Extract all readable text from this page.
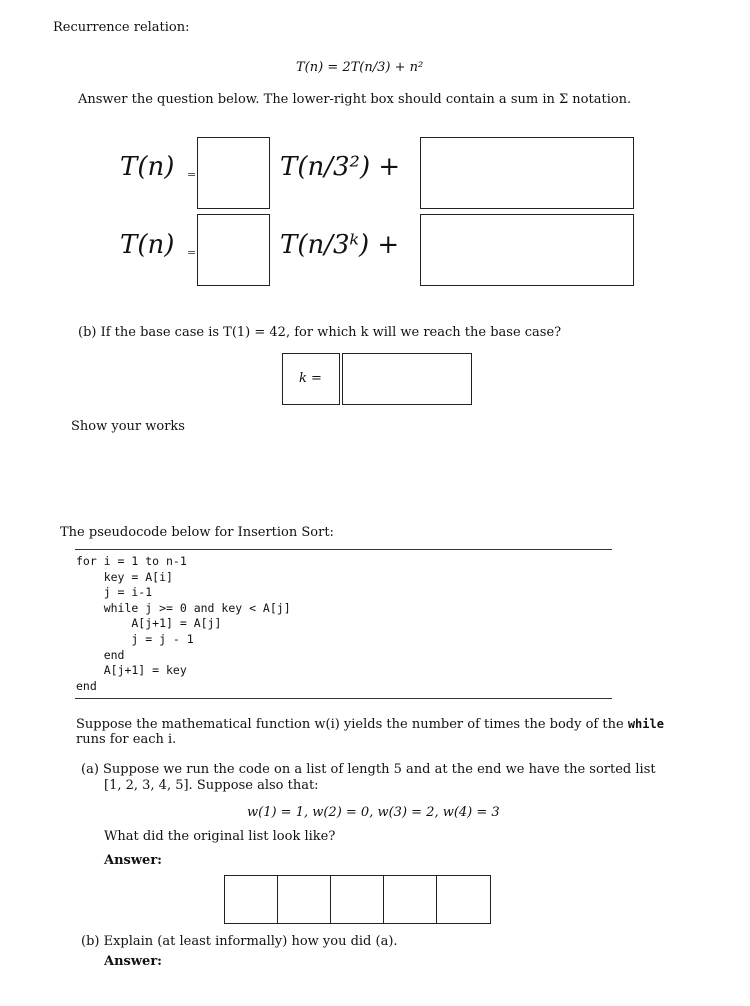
Recurrence relation:
T(n) = 2T(n/3) + n²
Answer the question below. The lower-right box should contain a sum in Σ notation.
T(n) =	T(n/3²) +
T(n) =	T(n/3ᵏ) +
(b) If the base case is T(1) = 42, for which k will we reach the base case?
k =
Show your works
The pseudocode below for Insertion Sort:
for i = 1 to n-1
key = A[i]
j = i-1
while j >= 0 and key < A[j]
A[j+1] = A[j]
j = j - 1
end
A[j+1] = key
end
Suppose the mathematical function w(i) yields the number of times the body of the while
runs for each i.
(a) Suppose we run the code on a list of length 5 and at the end we have the sorted list
[1, 2, 3, 4, 5]. Suppose also that:
w(1) = 1, w(2) = 0, w(3) = 2, w(4) = 3
What did the original list look like?
Answer:
(b) Explain (at least informally) how you did (a).
Answer:
